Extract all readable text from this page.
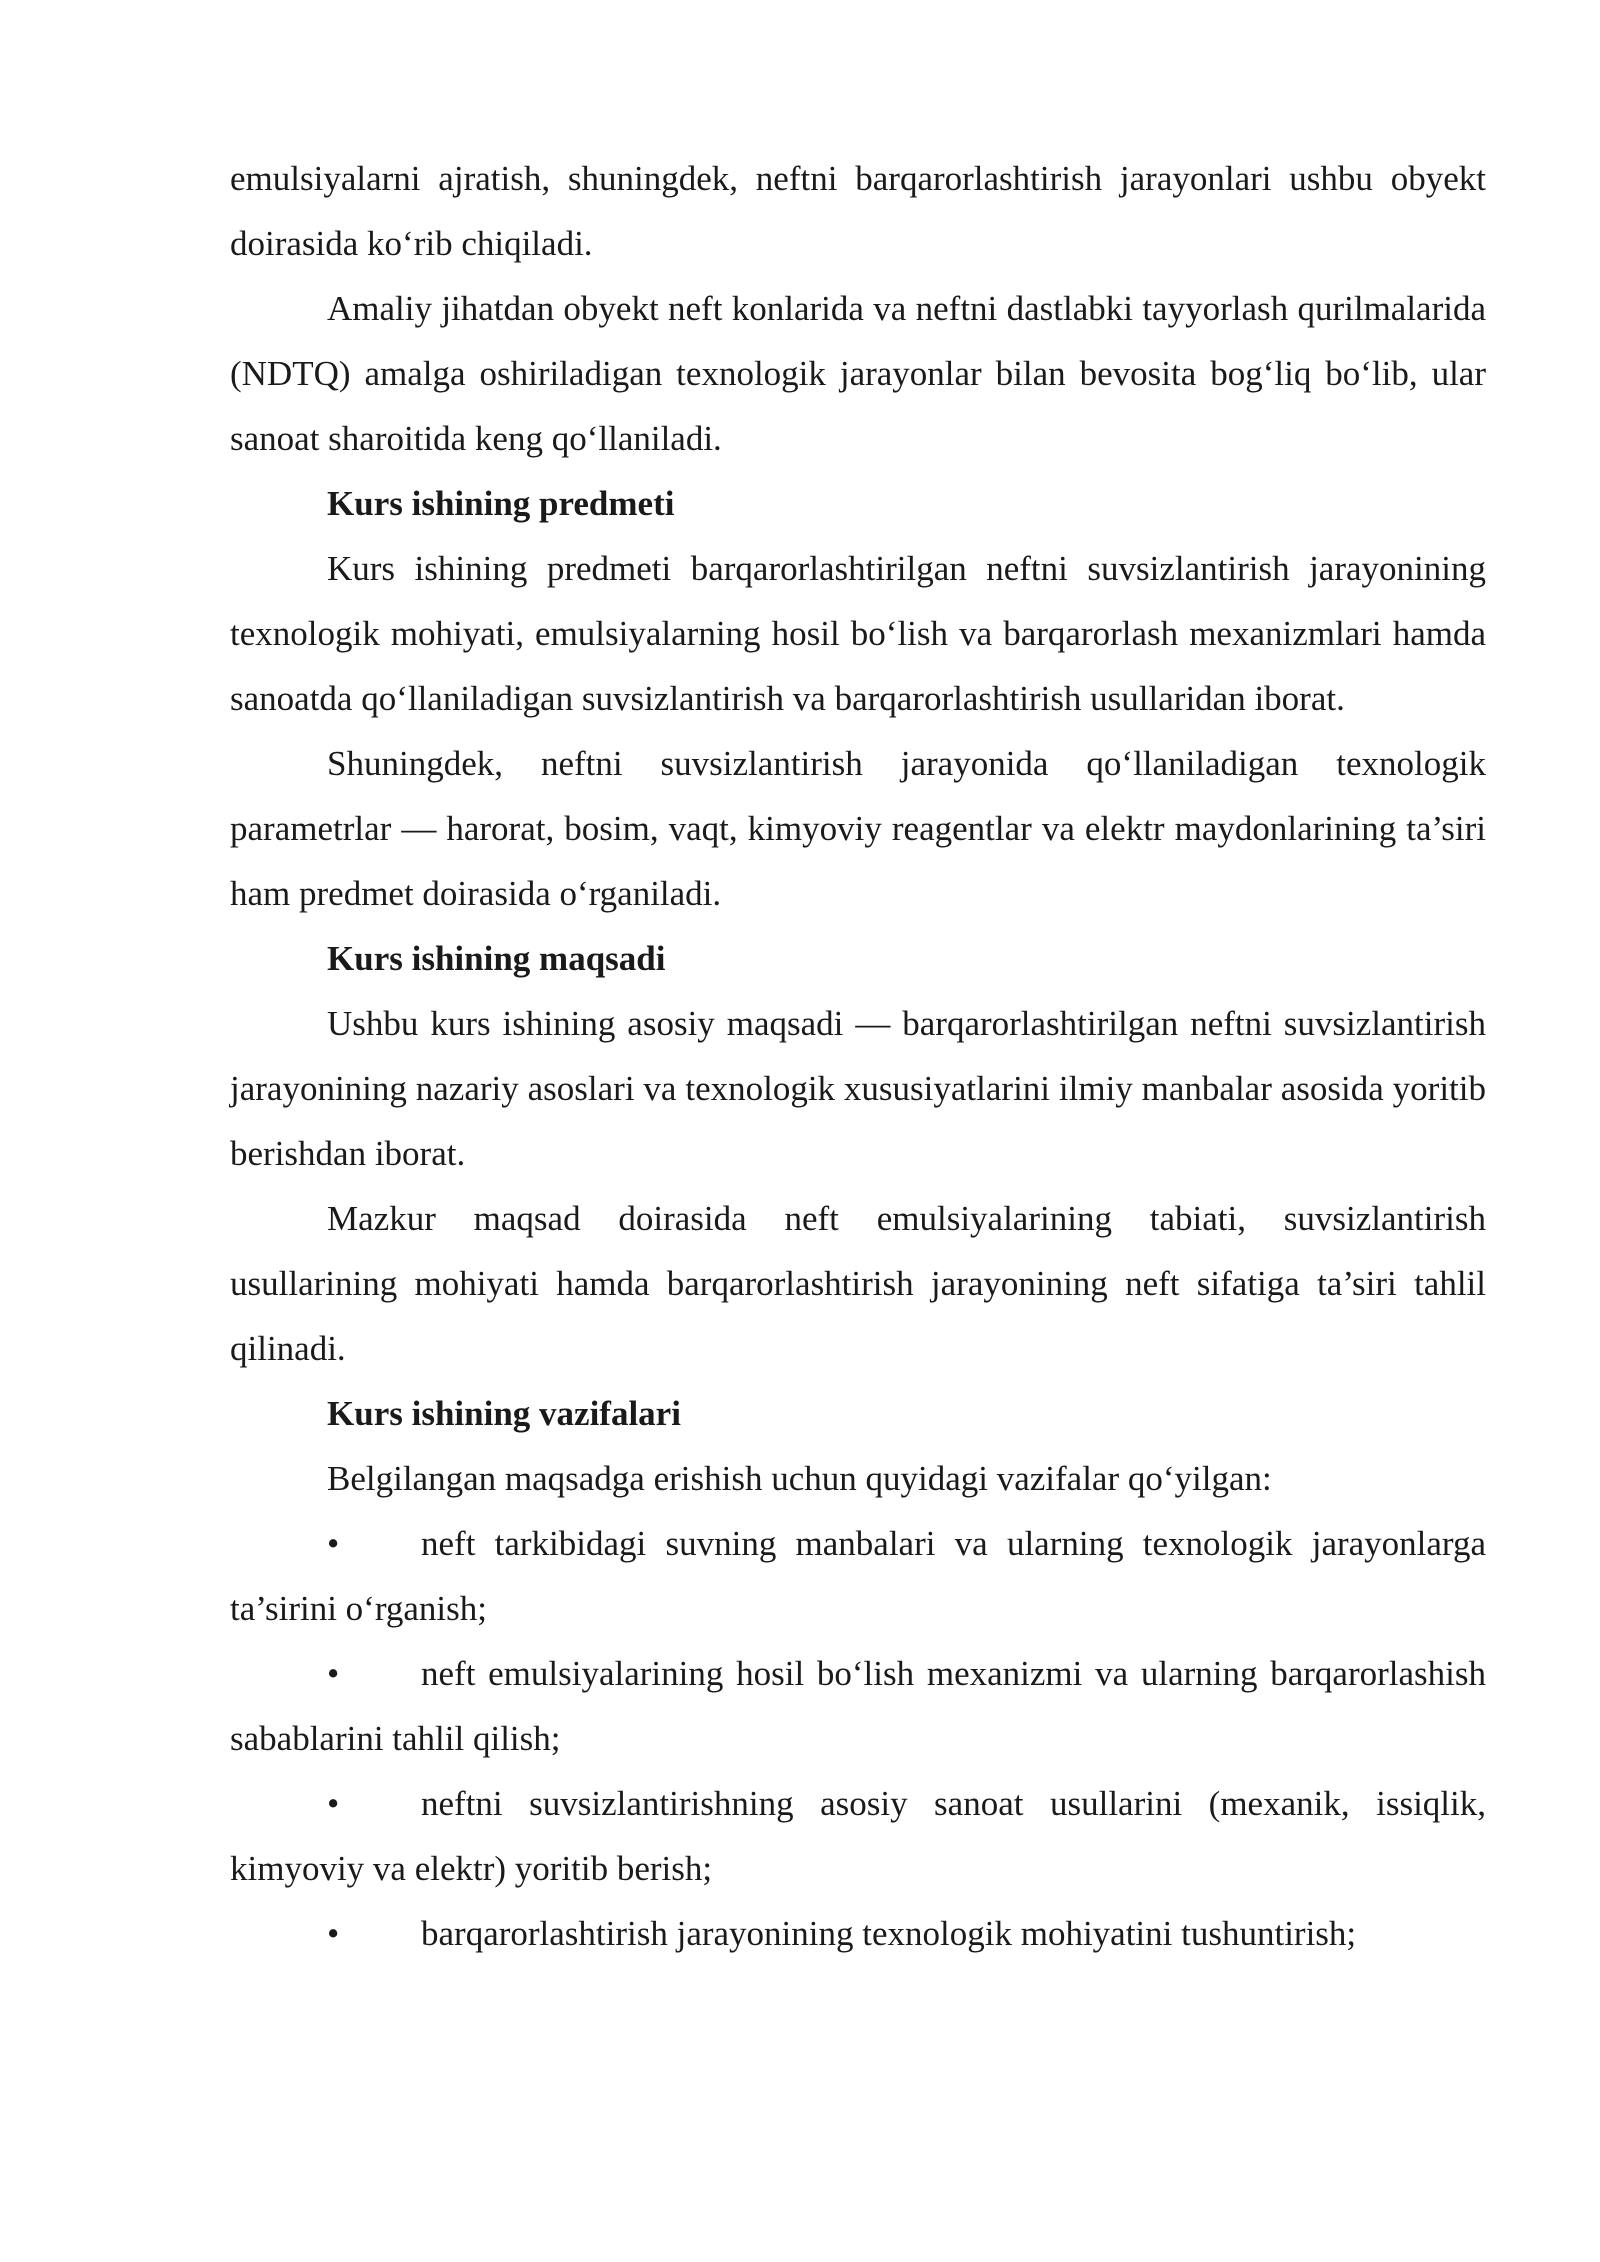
emulsiyalarni ajratish, shuningdek, neftni barqarorlashtirish jarayonlari ushbu obyekt doirasida ko‘rib chiqiladi.

Amaliy jihatdan obyekt neft konlarida va neftni dastlabki tayyorlash qurilmalarida (NDTQ) amalga oshiriladigan texnologik jarayonlar bilan bevosita bog‘liq bo‘lib, ular sanoat sharoitida keng qo‘llaniladi.

Kurs ishining predmeti

Kurs ishining predmeti barqarorlashtirilgan neftni suvsizlantirish jarayonining texnologik mohiyati, emulsiyalarning hosil bo‘lish va barqarorlash mexanizmlari hamda sanoatda qo‘llaniladigan suvsizlantirish va barqarorlashtirish usullaridan iborat.

Shuningdek, neftni suvsizlantirish jarayonida qo‘llaniladigan texnologik parametrlar — harorat, bosim, vaqt, kimyoviy reagentlar va elektr maydonlarining ta’siri ham predmet doirasida o‘rganiladi.

Kurs ishining maqsadi

Ushbu kurs ishining asosiy maqsadi — barqarorlashtirilgan neftni suvsizlantirish jarayonining nazariy asoslari va texnologik xususiyatlarini ilmiy manbalar asosida yoritib berishdan iborat.

Mazkur maqsad doirasida neft emulsiyalarining tabiati, suvsizlantirish usullarining mohiyati hamda barqarorlashtirish jarayonining neft sifatiga ta’siri tahlil qilinadi.

Kurs ishining vazifalari

Belgilangan maqsadga erishish uchun quyidagi vazifalar qo‘yilgan:

• neft tarkibidagi suvning manbalari va ularning texnologik jarayonlarga ta’sirini o‘rganish;

• neft emulsiyalarining hosil bo‘lish mexanizmi va ularning barqarorlashish sabablarini tahlil qilish;

• neftni suvsizlantirishning asosiy sanoat usullarini (mexanik, issiqlik, kimyoviy va elektr) yoritib berish;

• barqarorlashtirish jarayonining texnologik mohiyatini tushuntirish;
